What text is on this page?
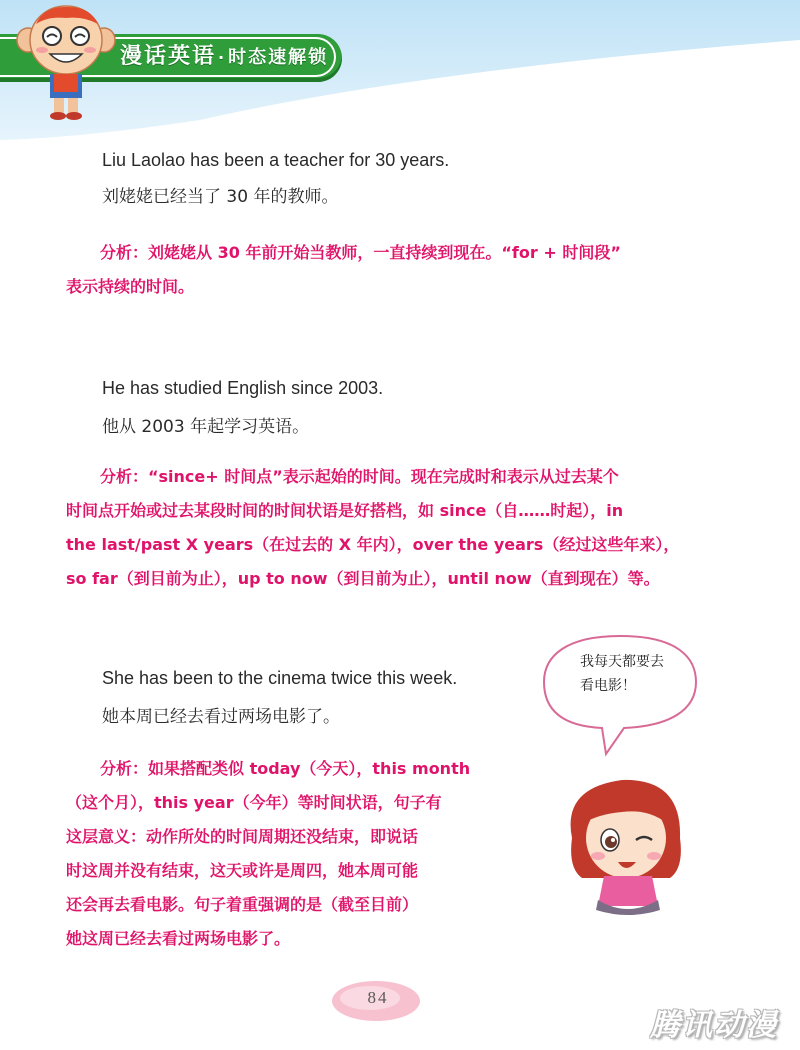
漫话英语 · 时态速解锁
Liu Laolao has been a teacher for 30 years.
刘姥姥已经当了 30 年的教师。

分析：刘姥姥从 30 年前开始当教师，一直持续到现在。“for + 时间段”

表示持续的时间。

He has studied English since 2003.
他从 2003 年起学习英语。

分析：“since+ 时间点”表示起始的时间。现在完成时和表示从过去某个

时间点开始或过去某段时间的时间状语是好搭档，如 since（自……时起），in

the last/past X years（在过去的 X 年内），over the years（经过这些年来），

so far（到目前为止），up to now（到目前为止），until now（直到现在）等。

She has been to the cinema twice this week.
她本周已经去看过两场电影了。

分析：如果搭配类似 today（今天），this month

（这个月），this year（今年）等时间状语，句子有

这层意义：动作所处的时间周期还没结束，即说话

时这周并没有结束，这天或许是周四，她本周可能

还会再去看电影。句子着重强调的是（截至目前）

她这周已经去看过两场电影了。

我每天都要去
看电影！
84
腾讯动漫
